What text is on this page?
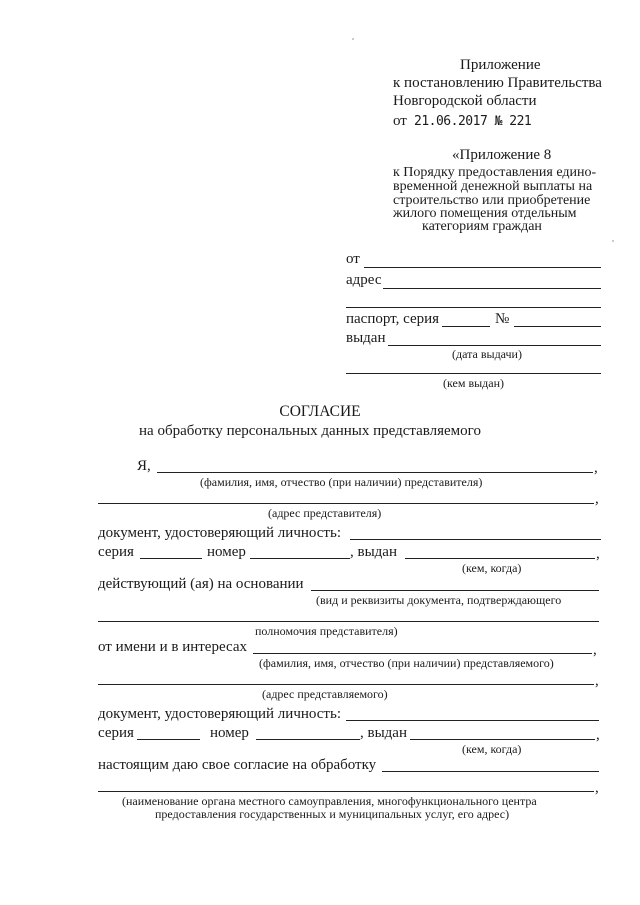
Приложение
к постановлению Правительства
Новгородской области
от 21.06.2017 № 221
«Приложение 8
к Порядку предоставления едино-
временной денежной выплаты на
строительство или приобретение
жилого помещения отдельным
категориям граждан
от
адрес
паспорт, серия	№
выдан
(дата выдачи)
(кем выдан)
СОГЛАСИЕ
на обработку персональных данных представляемого
Я,	,
(фамилия, имя, отчество (при наличии) представителя)
,
(адрес представителя)
документ, удостоверяющий личность:
серия	номер	, выдан	,
(кем, когда)
действующий (ая) на основании
(вид и реквизиты документа, подтверждающего
полномочия представителя)
от имени и в интересах	,
(фамилия, имя, отчество (при наличии) представляемого)
,
(адрес представляемого)
документ, удостоверяющий личность:
серия	номер	, выдан	,
(кем, когда)
настоящим даю свое согласие на обработку
,
(наименование органа местного самоуправления, многофункционального центра
предоставления государственных и муниципальных услуг, его адрес)
